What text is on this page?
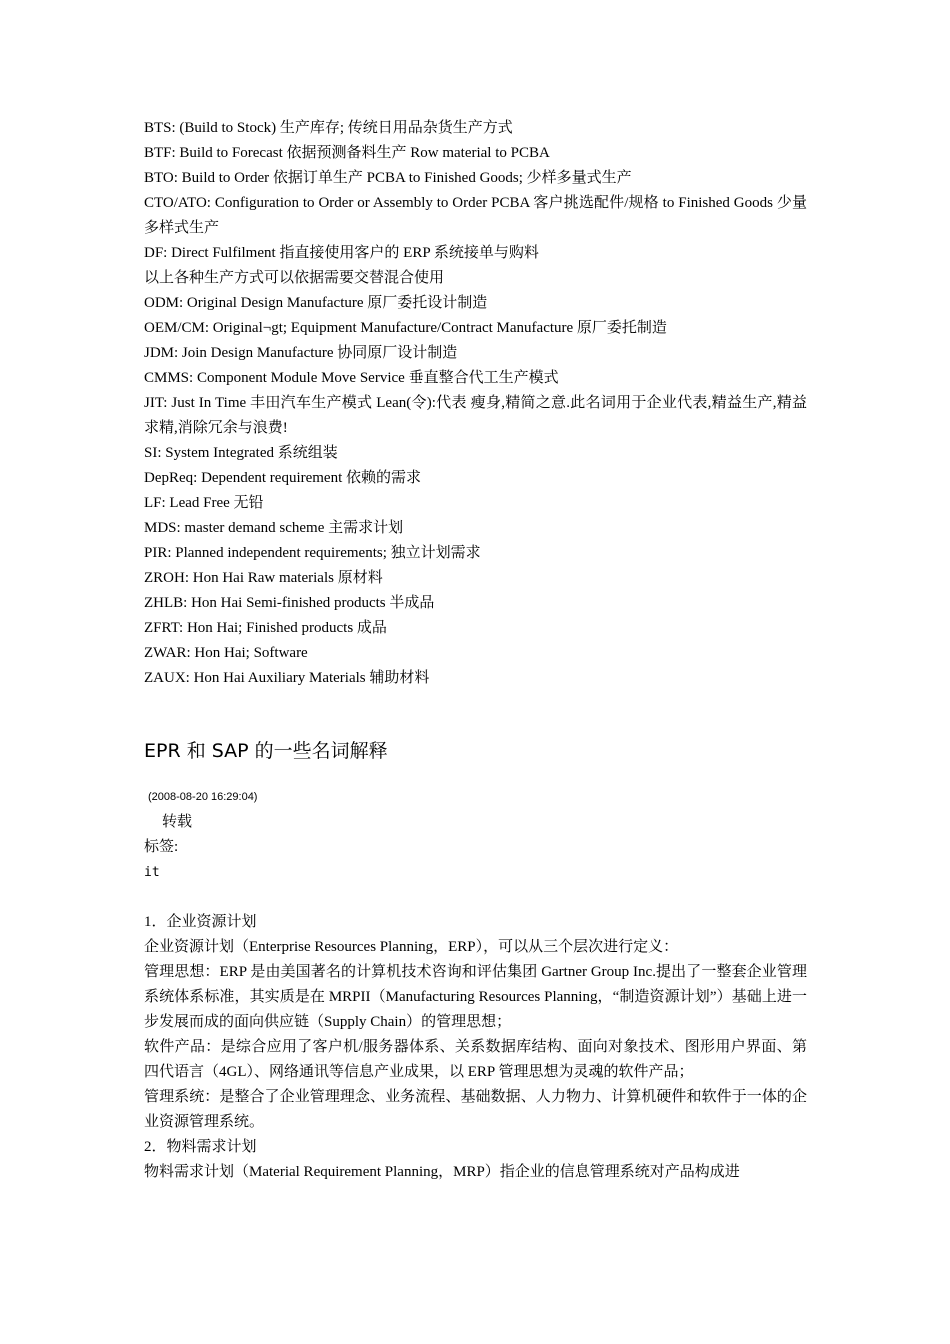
BTS: (Build to Stock) 生产库存; 传统日用品杂货生产方式
BTF: Build to Forecast 依据预测备料生产 Row material to PCBA
BTO: Build to Order 依据订单生产 PCBA to Finished Goods; 少样多量式生产
CTO/ATO: Configuration to Order or Assembly to Order PCBA 客户挑选配件/规格 to Finished Goods 少量多样式生产
DF: Direct Fulfilment 指直接使用客户的 ERP 系统接单与购料
以上各种生产方式可以依据需要交替混合使用
ODM: Original Design Manufacture 原厂委托设计制造
OEM/CM: Original¬gt; Equipment Manufacture/Contract Manufacture 原厂委托制造
JDM: Join Design Manufacture 协同原厂设计制造
CMMS: Component Module Move Service 垂直整合代工生产模式
JIT: Just In Time 丰田汽车生产模式 Lean(令):代表 瘦身,精简之意.此名词用于企业代表,精益生产,精益求精,消除冗余与浪费!
SI: System Integrated 系统组装
DepReq: Dependent requirement 依赖的需求
LF: Lead Free 无铅
MDS: master demand scheme 主需求计划
PIR: Planned independent requirements; 独立计划需求
ZROH: Hon Hai Raw materials 原材料
ZHLB: Hon Hai Semi-finished products 半成品
ZFRT: Hon Hai; Finished products 成品
ZWAR: Hon Hai; Software
ZAUX: Hon Hai Auxiliary Materials 辅助材料
EPR 和 SAP 的一些名词解释
(2008-08-20 16:29:04)
转载
标签:
it
1．企业资源计划
企业资源计划（Enterprise Resources Planning，ERP），可以从三个层次进行定义：
管理思想：ERP 是由美国著名的计算机技术咨询和评估集团 Gartner Group Inc.提出了一整套企业管理系统体系标准，其实质是在 MRPII（Manufacturing Resources Planning，“制造资源计划”）基础上进一步发展而成的面向供应链（Supply Chain）的管理思想；
软件产品：是综合应用了客户机/服务器体系、关系数据库结构、面向对象技术、图形用户界面、第四代语言（4GL）、网络通讯等信息产业成果，以 ERP 管理思想为灵魂的软件产品；
管理系统：是整合了企业管理理念、业务流程、基础数据、人力物力、计算机硬件和软件于一体的企业资源管理系统。
2．物料需求计划
物料需求计划（Material Requirement Planning，MRP）指企业的信息管理系统对产品构成进
